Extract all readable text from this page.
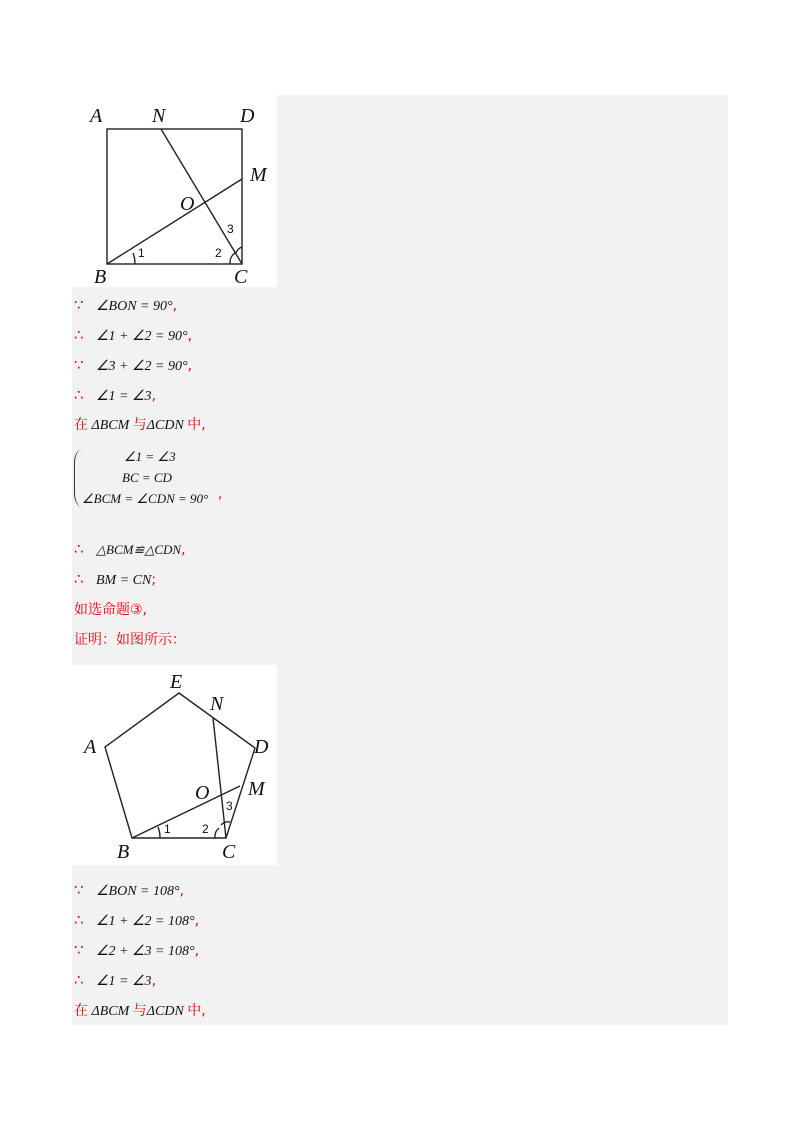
A N	D
M
O
B	C
1	2
3
∵ ∠BON = 90°,
∴ ∠1 + ∠2 = 90°,
∵ ∠3 + ∠2 = 90°,
∴ ∠1 = ∠3,
在 ΔBCM 与ΔCDN 中,
∠1 = ∠3
BC = CD
∠BCM = ∠CDN = 90° ,
∴ △BCM≌△CDN,
∴ BM = CN;
如选命题③,
证明：如图所示：
E
N
A	D
O M
B	C
1	2
3
∵ ∠BON = 108°,
∴ ∠1 + ∠2 = 108°,
∵ ∠2 + ∠3 = 108°,
∴ ∠1 = ∠3,
在 ΔBCM 与ΔCDN 中,
